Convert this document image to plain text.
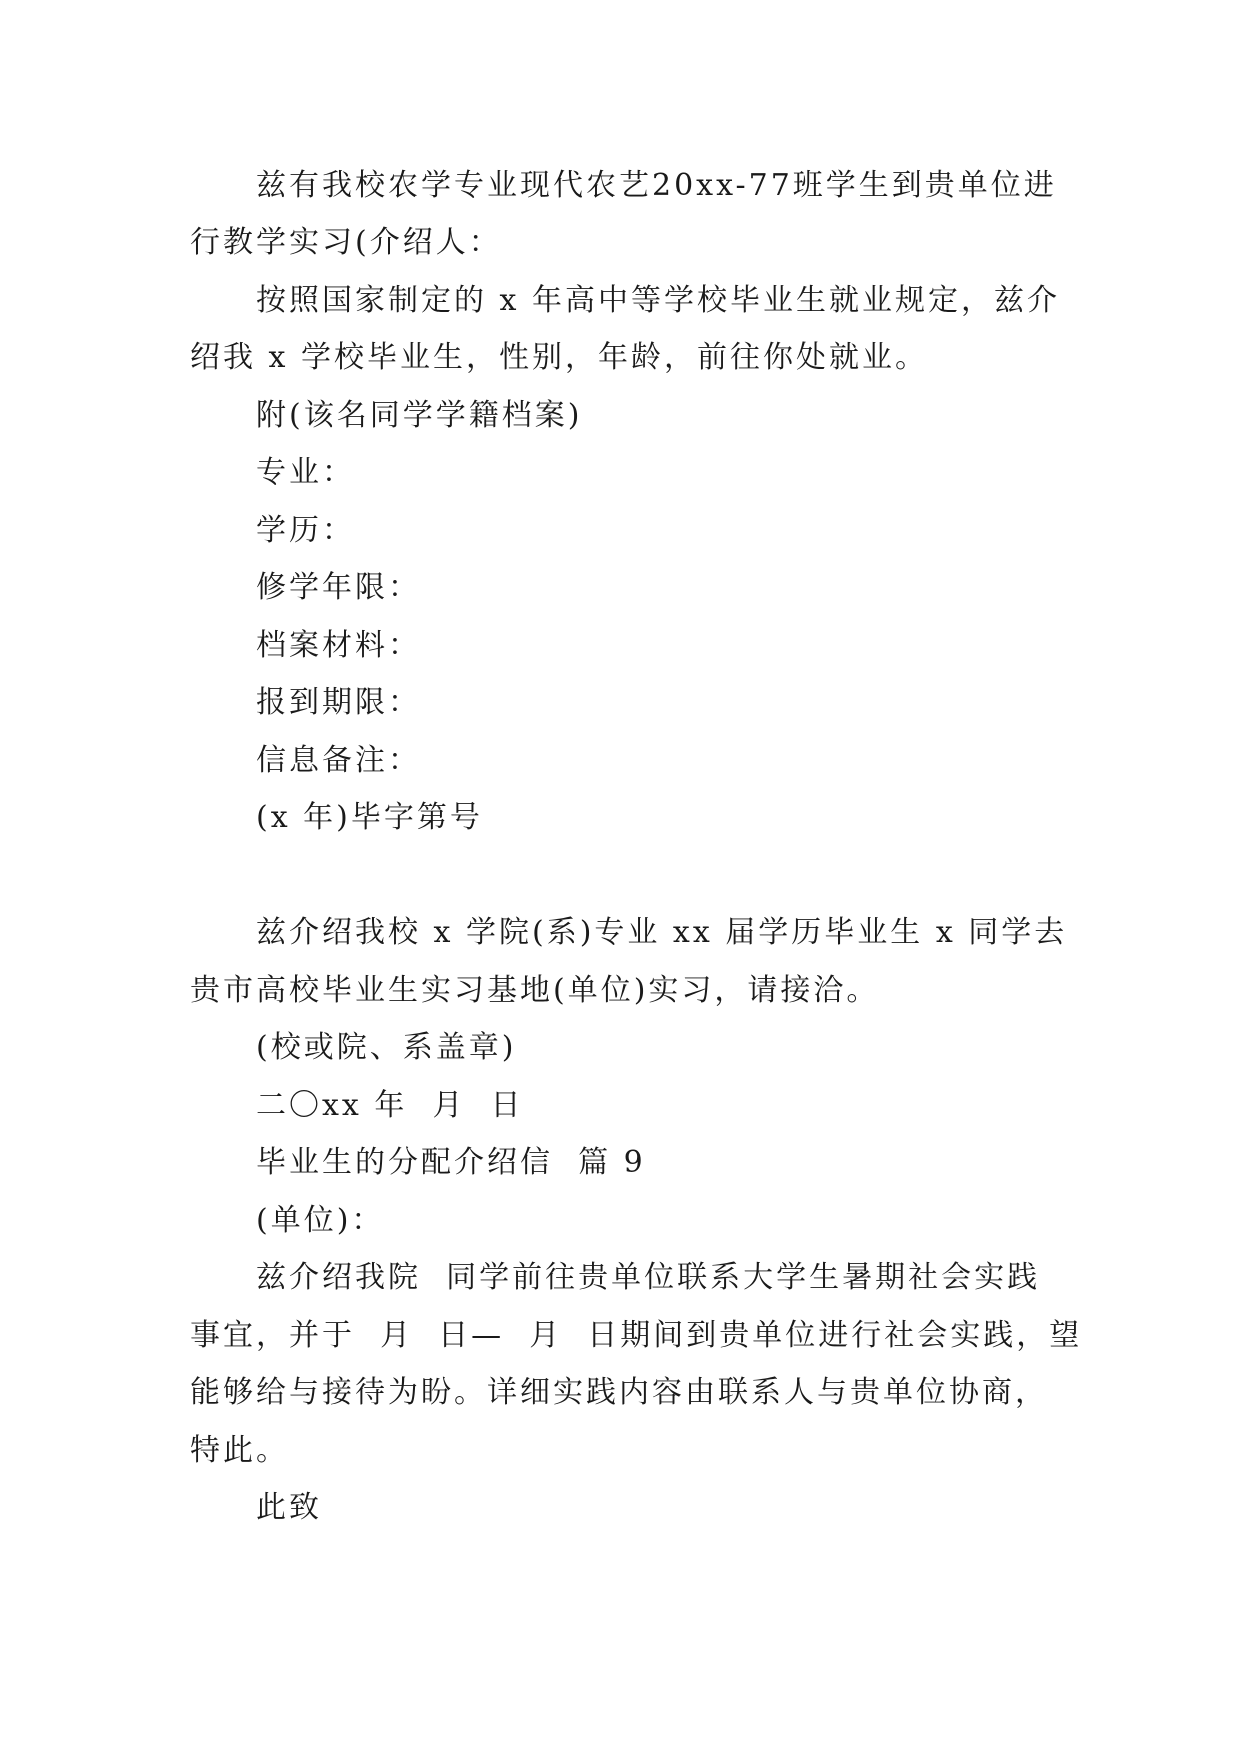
兹有我校农学专业现代农艺20xx-77班学生到贵单位进
行教学实习(介绍人：
按照国家制定的 x 年高中等学校毕业生就业规定，兹介
绍我 x 学校毕业生，性别，年龄，前往你处就业。
附(该名同学学籍档案)
专业：
学历：
修学年限：
档案材料：
报到期限：
信息备注：
(x 年)毕字第号
兹介绍我校 x 学院(系)专业 xx 届学历毕业生 x 同学去
贵市高校毕业生实习基地(单位)实习，请接洽。
(校或院、系盖章)
二〇xx 年  月  日
毕业生的分配介绍信  篇 9
(单位)：
兹介绍我院  同学前往贵单位联系大学生暑期社会实践
事宜，并于  月  日—  月  日期间到贵单位进行社会实践，望
能够给与接待为盼。详细实践内容由联系人与贵单位协商，
特此。
此致
